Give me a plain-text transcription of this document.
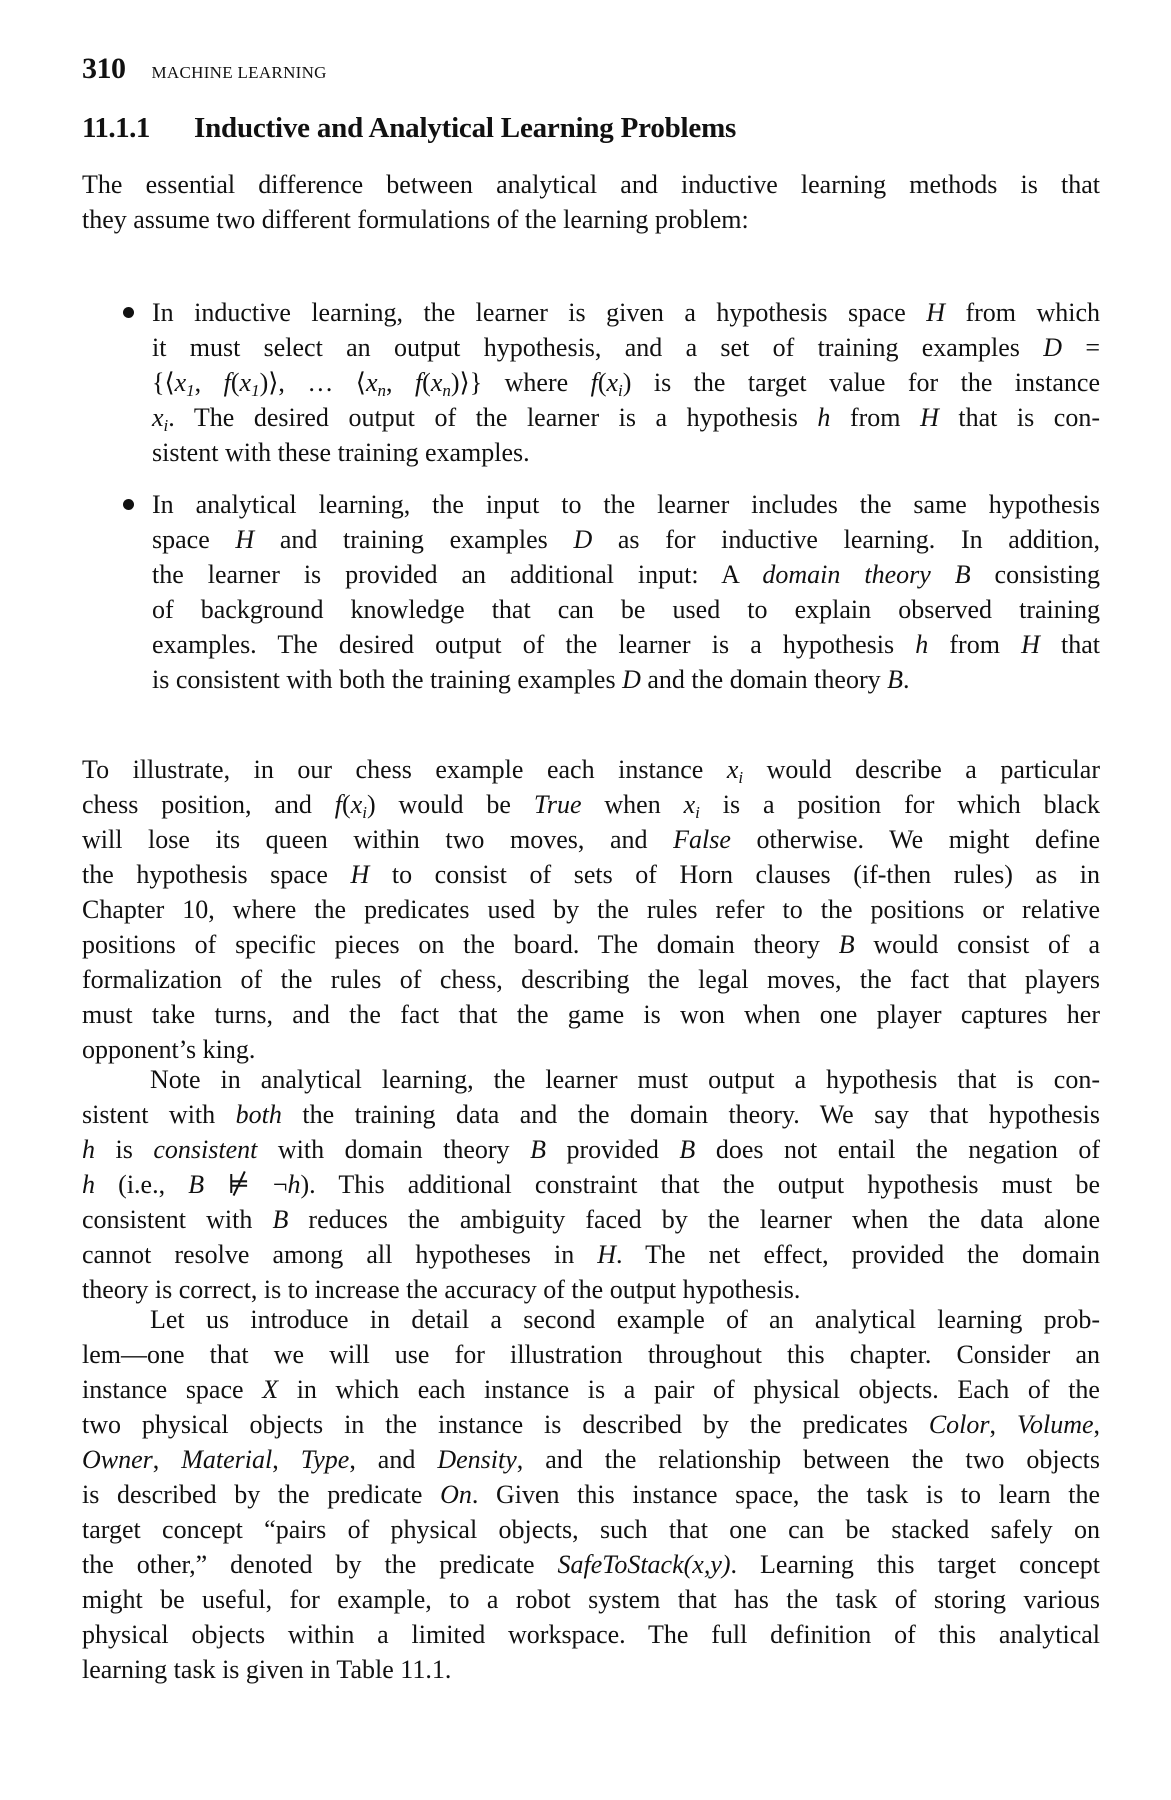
310 MACHINE LEARNING
11.1.1 Inductive and Analytical Learning Problems
The essential difference between analytical and inductive learning methods is that
they assume two different formulations of the learning problem:
In inductive learning, the learner is given a hypothesis space H from which
it must select an output hypothesis, and a set of training examples D =
{$⟨x_1$, $f(x_1)⟩$, … $⟨x_n$, $f(x_n)⟩$} where $f(x_i)$ is the target value for the instance
$x_i$. The desired output of the learner is a hypothesis h from H that is con-
sistent with these training examples.
In analytical learning, the input to the learner includes the same hypothesis
space H and training examples D as for inductive learning. In addition,
the learner is provided an additional input: A domain theory B consisting
of background knowledge that can be used to explain observed training
examples. The desired output of the learner is a hypothesis h from H that
is consistent with both the training examples D and the domain theory B.
To illustrate, in our chess example each instance $x_i$ would describe a particular
chess position, and $f(x_i)$ would be True when $x_i$ is a position for which black
will lose its queen within two moves, and False otherwise. We might define
the hypothesis space H to consist of sets of Horn clauses (if-then rules) as in
Chapter 10, where the predicates used by the rules refer to the positions or relative
positions of specific pieces on the board. The domain theory B would consist of a
formalization of the rules of chess, describing the legal moves, the fact that players
must take turns, and the fact that the game is won when one player captures her
opponent’s king.
Note in analytical learning, the learner must output a hypothesis that is con-
sistent with both the training data and the domain theory. We say that hypothesis
h is consistent with domain theory B provided B does not entail the negation of
h (i.e., B ⊭ ¬h). This additional constraint that the output hypothesis must be
consistent with B reduces the ambiguity faced by the learner when the data alone
cannot resolve among all hypotheses in H. The net effect, provided the domain
theory is correct, is to increase the accuracy of the output hypothesis.
Let us introduce in detail a second example of an analytical learning prob-
lem—one that we will use for illustration throughout this chapter. Consider an
instance space X in which each instance is a pair of physical objects. Each of the
two physical objects in the instance is described by the predicates Color, Volume,
Owner, Material, Type, and Density, and the relationship between the two objects
is described by the predicate On. Given this instance space, the task is to learn the
target concept “pairs of physical objects, such that one can be stacked safely on
the other,” denoted by the predicate SafeToStack(x,y). Learning this target concept
might be useful, for example, to a robot system that has the task of storing various
physical objects within a limited workspace. The full definition of this analytical
learning task is given in Table 11.1.
